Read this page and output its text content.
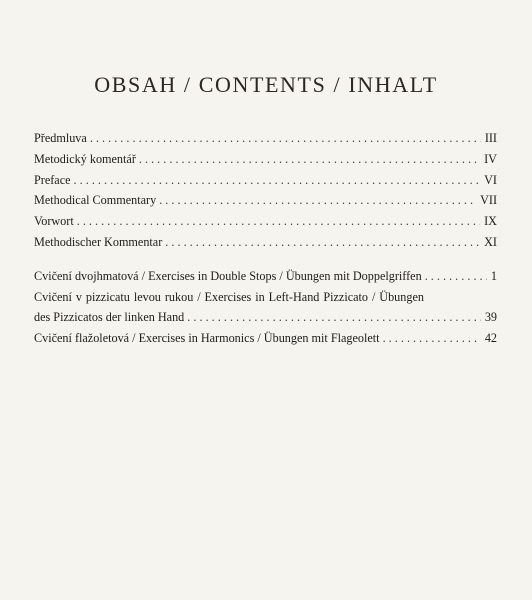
OBSAH / CONTENTS / INHALT
Předmluva . . .	III
Metodický komentář . . .	IV
Preface . . .	VI
Methodical Commentary . . .	VII
Vorwort . . .	IX
Methodischer Kommentar . . .	XI
Cvičení dvojhmatová / Exercises in Double Stops / Übungen mit Doppelgriffen . . .	1
Cvičení v pizzicatu levou rukou / Exercises in Left-Hand Pizzicato / Übungen
des Pizzicatos der linken Hand . . .	39
Cvičení flažoletová / Exercises in Harmonics / Übungen mit Flageolett . . .	42
